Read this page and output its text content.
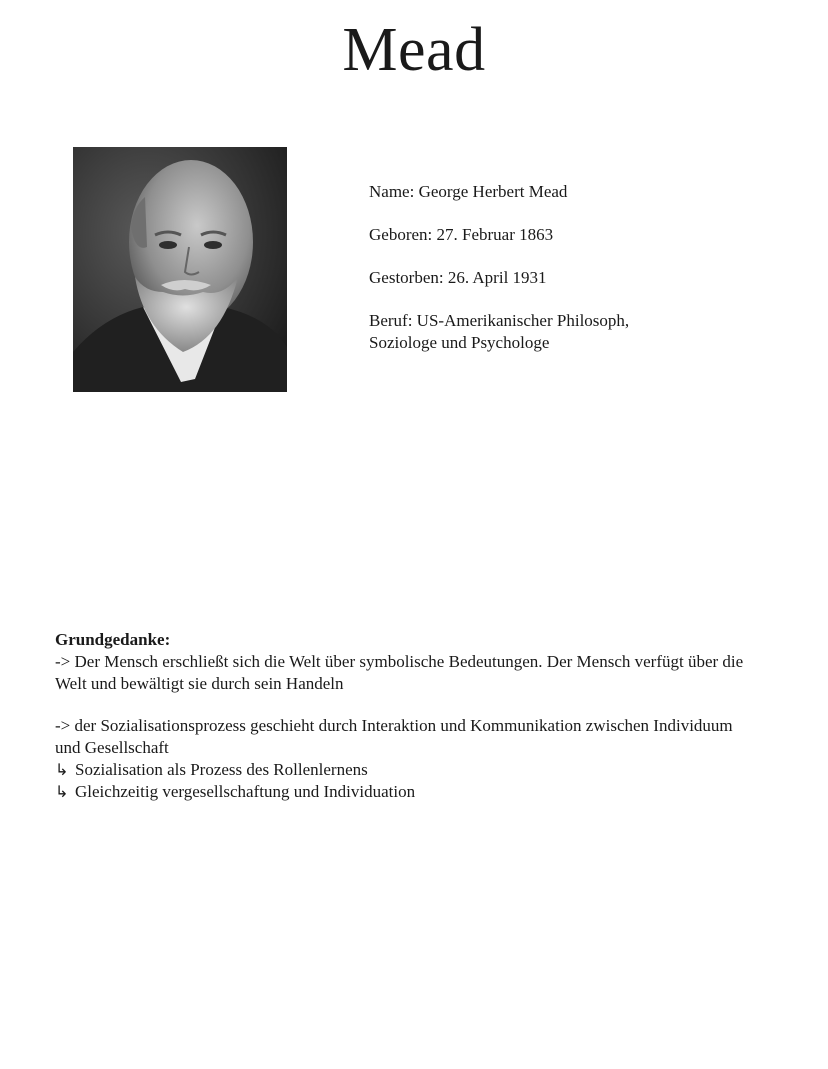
Mead

Name: George Herbert Mead

Geboren: 27. Februar 1863

Gestorben: 26. April 1931

Beruf: US-Amerikanischer Philosoph,
Soziologe und Psychologe

Grundgedanke:

-> Der Mensch erschließt sich die Welt über symbolische Bedeutungen. Der Mensch verfügt über die Welt und bewältigt sie durch sein Handeln

-> der Sozialisationsprozess geschieht durch Interaktion und Kommunikation zwischen Individuum und Gesellschaft

↳ Sozialisation als Prozess des Rollenlernens

↳ Gleichzeitig vergesellschaftung und Individuation
